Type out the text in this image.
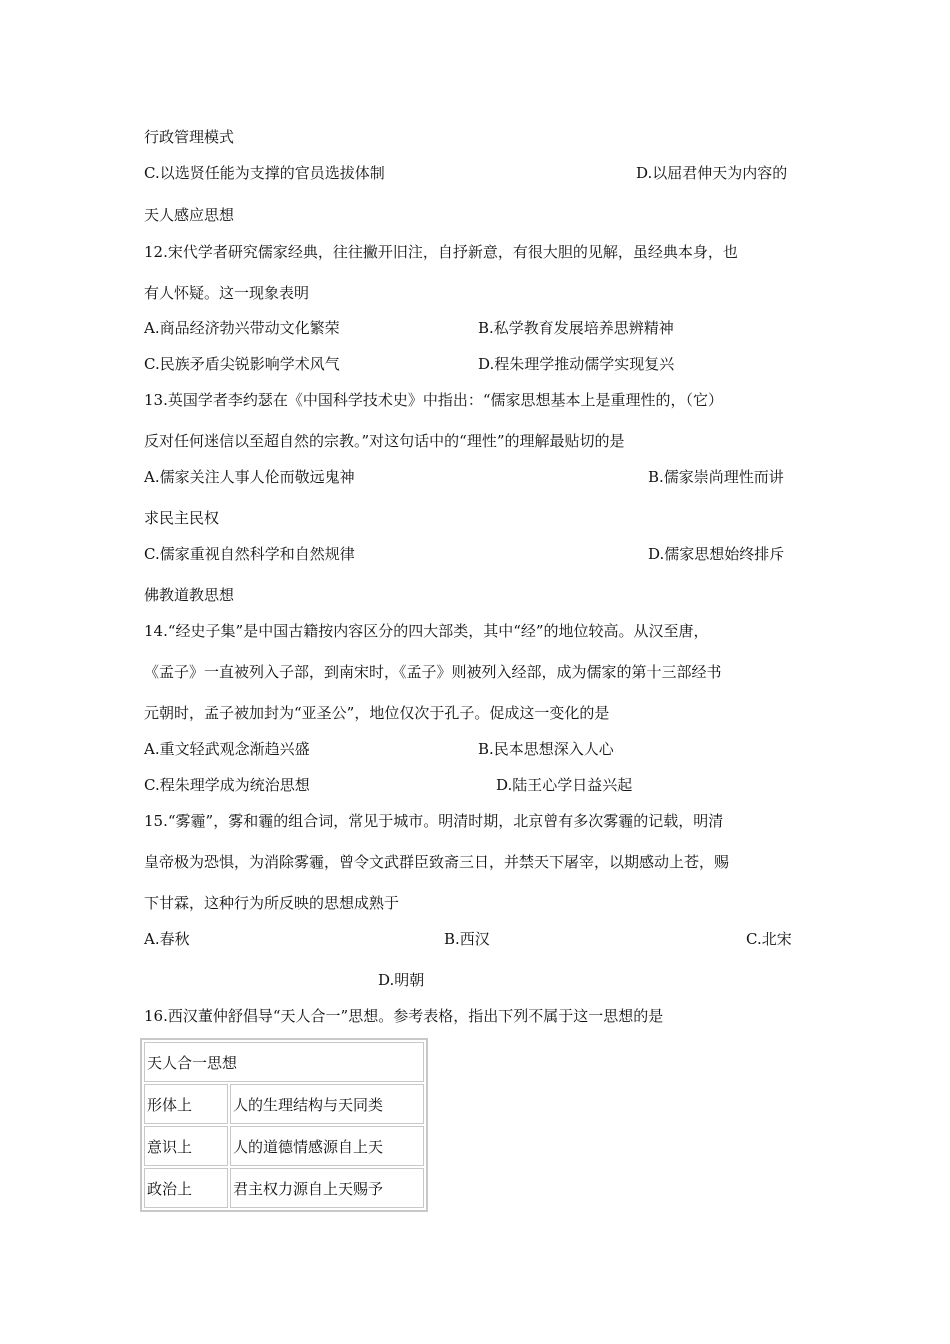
行政管理模式
C.以选贤任能为支撑的官员选拔体制	D.以屈君伸天为内容的
天人感应思想
12.宋代学者研究儒家经典，往往撇开旧注，自抒新意，有很大胆的见解，虽经典本身，也
有人怀疑。这一现象表明
A.商品经济勃兴带动文化繁荣	B.私学教育发展培养思辨精神
C.民族矛盾尖锐影响学术风气	D.程朱理学推动儒学实现复兴
13.英国学者李约瑟在《中国科学技术史》中指出：“儒家思想基本上是重理性的，（它）
反对任何迷信以至超自然的宗教。”对这句话中的“理性”的理解最贴切的是
A.儒家关注人事人伦而敬远鬼神	B.儒家崇尚理性而讲
求民主民权
C.儒家重视自然科学和自然规律	D.儒家思想始终排斥
佛教道教思想
14.“经史子集”是中国古籍按内容区分的四大部类，其中“经”的地位较高。从汉至唐，
《孟子》一直被列入子部，到南宋时，《孟子》则被列入经部，成为儒家的第十三部经书
元朝时，孟子被加封为“亚圣公”，地位仅次于孔子。促成这一变化的是
A.重文轻武观念渐趋兴盛	B.民本思想深入人心
C.程朱理学成为统治思想	D.陆王心学日益兴起
15.“雾霾”，雾和霾的组合词，常见于城市。明清时期，北京曾有多次雾霾的记载，明清
皇帝极为恐惧，为消除雾霾，曾令文武群臣致斋三日，并禁天下屠宰，以期感动上苍，赐
下甘霖，这种行为所反映的思想成熟于
A.春秋	B.西汉	C.北宋
D.明朝
16.西汉董仲舒倡导“天人合一”思想。参考表格，指出下列不属于这一思想的是
天人合一思想	
形体上	人的生理结构与天同类
意识上	人的道德情感源自上天
政治上	君主权力源自上天赐予
